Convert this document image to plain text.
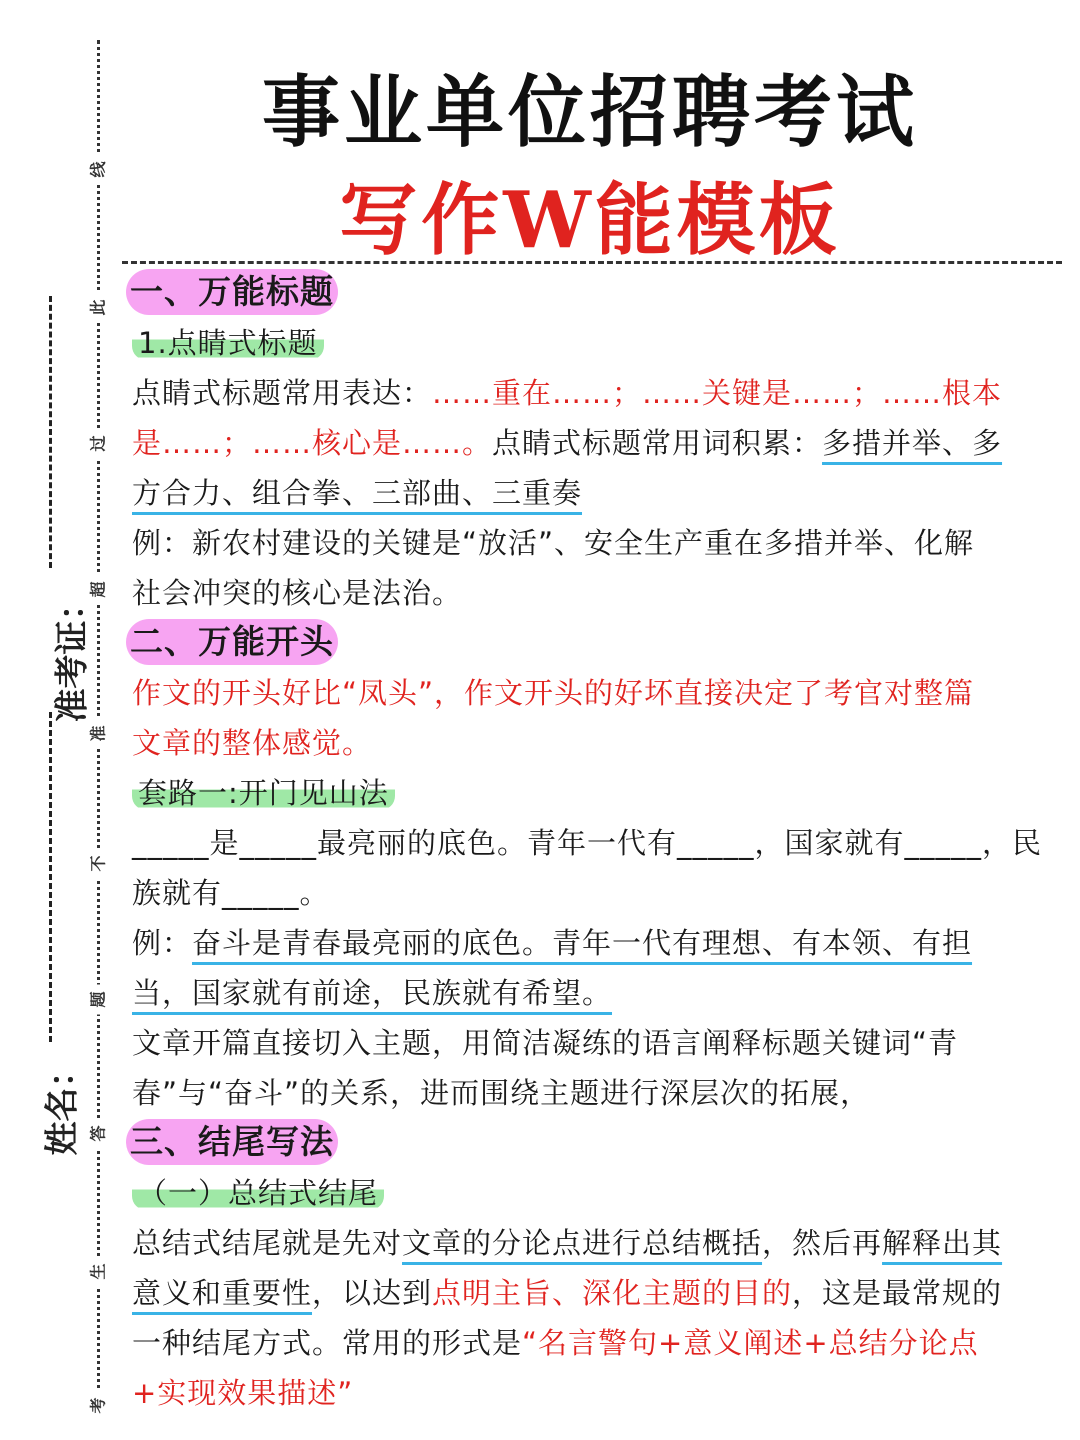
线
此
过
超
准
不
题
答
生
考
准考证：
姓名：
事业单位招聘考试
写作W能模板
一、万能标题
1.点睛式标题
点睛式标题常用表达：……重在……；……关键是……；……根本
是……；……核心是……。点睛式标题常用词积累：多措并举、多
方合力、组合拳、三部曲、三重奏
例：新农村建设的关键是“放活”、安全生产重在多措并举、化解
社会冲突的核心是法治。
二、万能开头
作文的开头好比“凤头”，作文开头的好坏直接决定了考官对整篇
文章的整体感觉。
套路一:开门见山法
_____是_____最亮丽的底色。青年一代有_____，国家就有_____，民
族就有_____。
例：奋斗是青春最亮丽的底色。青年一代有理想、有本领、有担
当，国家就有前途，民族就有希望。
文章开篇直接切入主题，用简洁凝练的语言阐释标题关键词“青
春”与“奋斗”的关系，进而围绕主题进行深层次的拓展，
三、结尾写法
（一）总结式结尾
总结式结尾就是先对文章的分论点进行总结概括，然后再解释出其
意义和重要性，以达到点明主旨、深化主题的目的，这是最常规的
一种结尾方式。常用的形式是“名言警句+意义阐述+总结分论点
+实现效果描述”
